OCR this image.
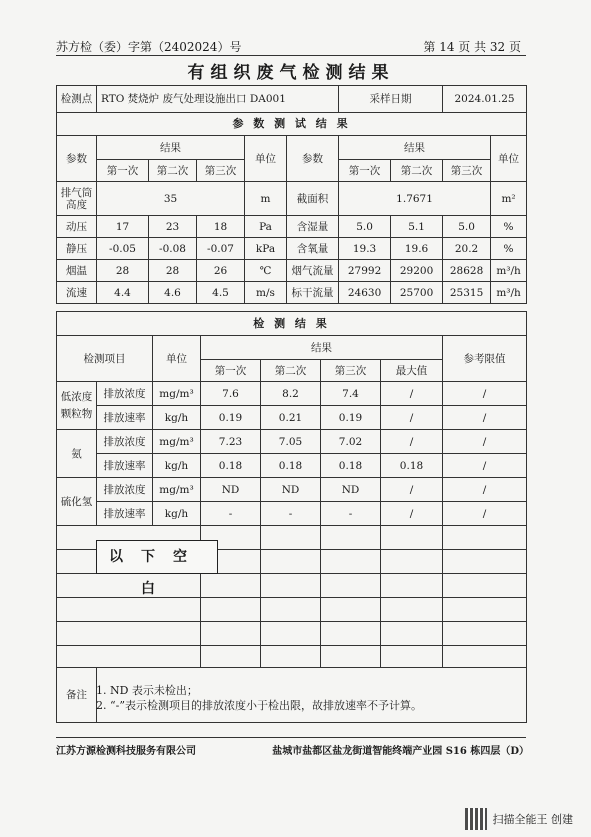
苏方检（委）字第（2402024）号	第 14 页 共 32 页
有组织废气检测结果
检测点	RTO 焚烧炉 废气处理设施出口 DA001					采样日期		2024.01.25	
参 数 测 试 结 果									
参数	结果			单位	参数	结果			单位
	第一次	第二次	第三次			第一次	第二次	第三次	
排气筒
高度	35			m	截面积	1.7671			m²
动压	17	23	18	Pa	含湿量	5.0	5.1	5.0	%
静压	-0.05	-0.08	-0.07	kPa	含氧量	19.3	19.6	20.2	%
烟温	28	28	26	℃	烟气流量	27992	29200	28628	m³/h
流速	4.4	4.6	4.5	m/s	标干流量	24630	25700	25315	m³/h
检 测 结 果							
检测项目		单位	结果				参考限值
			第一次	第二次	第三次	最大值	
低浓度颗粒物	排放浓度	mg/m³	7.6	8.2	7.4	/	/
	排放速率	kg/h	0.19	0.21	0.19	/	/
氨	排放浓度	mg/m³	7.23	7.05	7.02	/	/
	排放速率	kg/h	0.18	0.18	0.18	0.18	/
硫化氢	排放浓度	mg/m³	ND	ND	ND	/	/
	排放速率	kg/h	-	-	-	/	/

备注							
以下空白
1. ND 表示未检出；
2. “-”表示检测项目的排放浓度小于检出限，故排放速率不予计算。
江苏方源检测科技服务有限公司	盐城市盐都区盐龙街道智能终端产业园 S16 栋四层（D）
扫描全能王 创建
